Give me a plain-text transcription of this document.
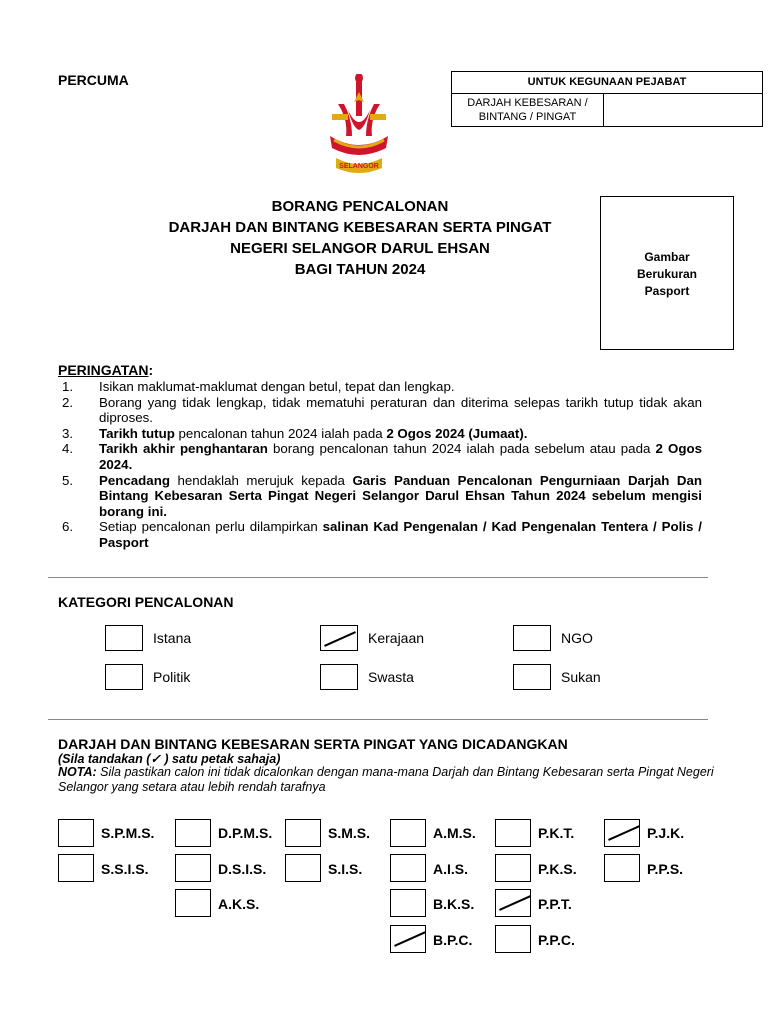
PERCUMA	UNTUK KEGUNAAN PEJABAT
DARJAH KEBESARAN /
BINTANG / PINGAT
SELANGOR
BORANG PENCALONAN
DARJAH DAN BINTANG KEBESARAN SERTA PINGAT
NEGERI SELANGOR DARUL EHSAN
BAGI TAHUN 2024
Gambar
Berukuran
Pasport
PERINGATAN:
1.	Isikan maklumat-maklumat dengan betul, tepat dan lengkap.
2.	Borang yang tidak lengkap, tidak mematuhi peraturan dan diterima selepas tarikh tutup tidak akan diproses.
3.	Tarikh tutup pencalonan tahun 2024 ialah pada 2 Ogos 2024 (Jumaat).
4.	Tarikh akhir penghantaran borang pencalonan tahun 2024 ialah pada sebelum atau pada 2 Ogos 2024.
5.	Pencadang hendaklah merujuk kepada Garis Panduan Pencalonan Pengurniaan Darjah Dan Bintang Kebesaran Serta Pingat Negeri Selangor Darul Ehsan Tahun 2024 sebelum mengisi borang ini.
6.	Setiap pencalonan perlu dilampirkan salinan Kad Pengenalan / Kad Pengenalan Tentera / Polis / Pasport
KATEGORI PENCALONAN
Istana	Kerajaan	NGO
Politik	Swasta	Sukan
DARJAH DAN BINTANG KEBESARAN SERTA PINGAT YANG DICADANGKAN
(Sila tandakan (✓ ) satu petak sahaja)
NOTA: Sila pastikan calon ini tidak dicalonkan dengan mana-mana Darjah dan Bintang Kebesaran serta Pingat Negeri Selangor yang setara atau lebih rendah tarafnya
S.P.M.S.	D.P.M.S.	S.M.S.	A.M.S.	P.K.T.	P.J.K.
S.S.I.S.	D.S.I.S.	S.I.S.	A.I.S.	P.K.S.	P.P.S.
A.K.S.	B.K.S.	P.P.T.
B.P.C.	P.P.C.
